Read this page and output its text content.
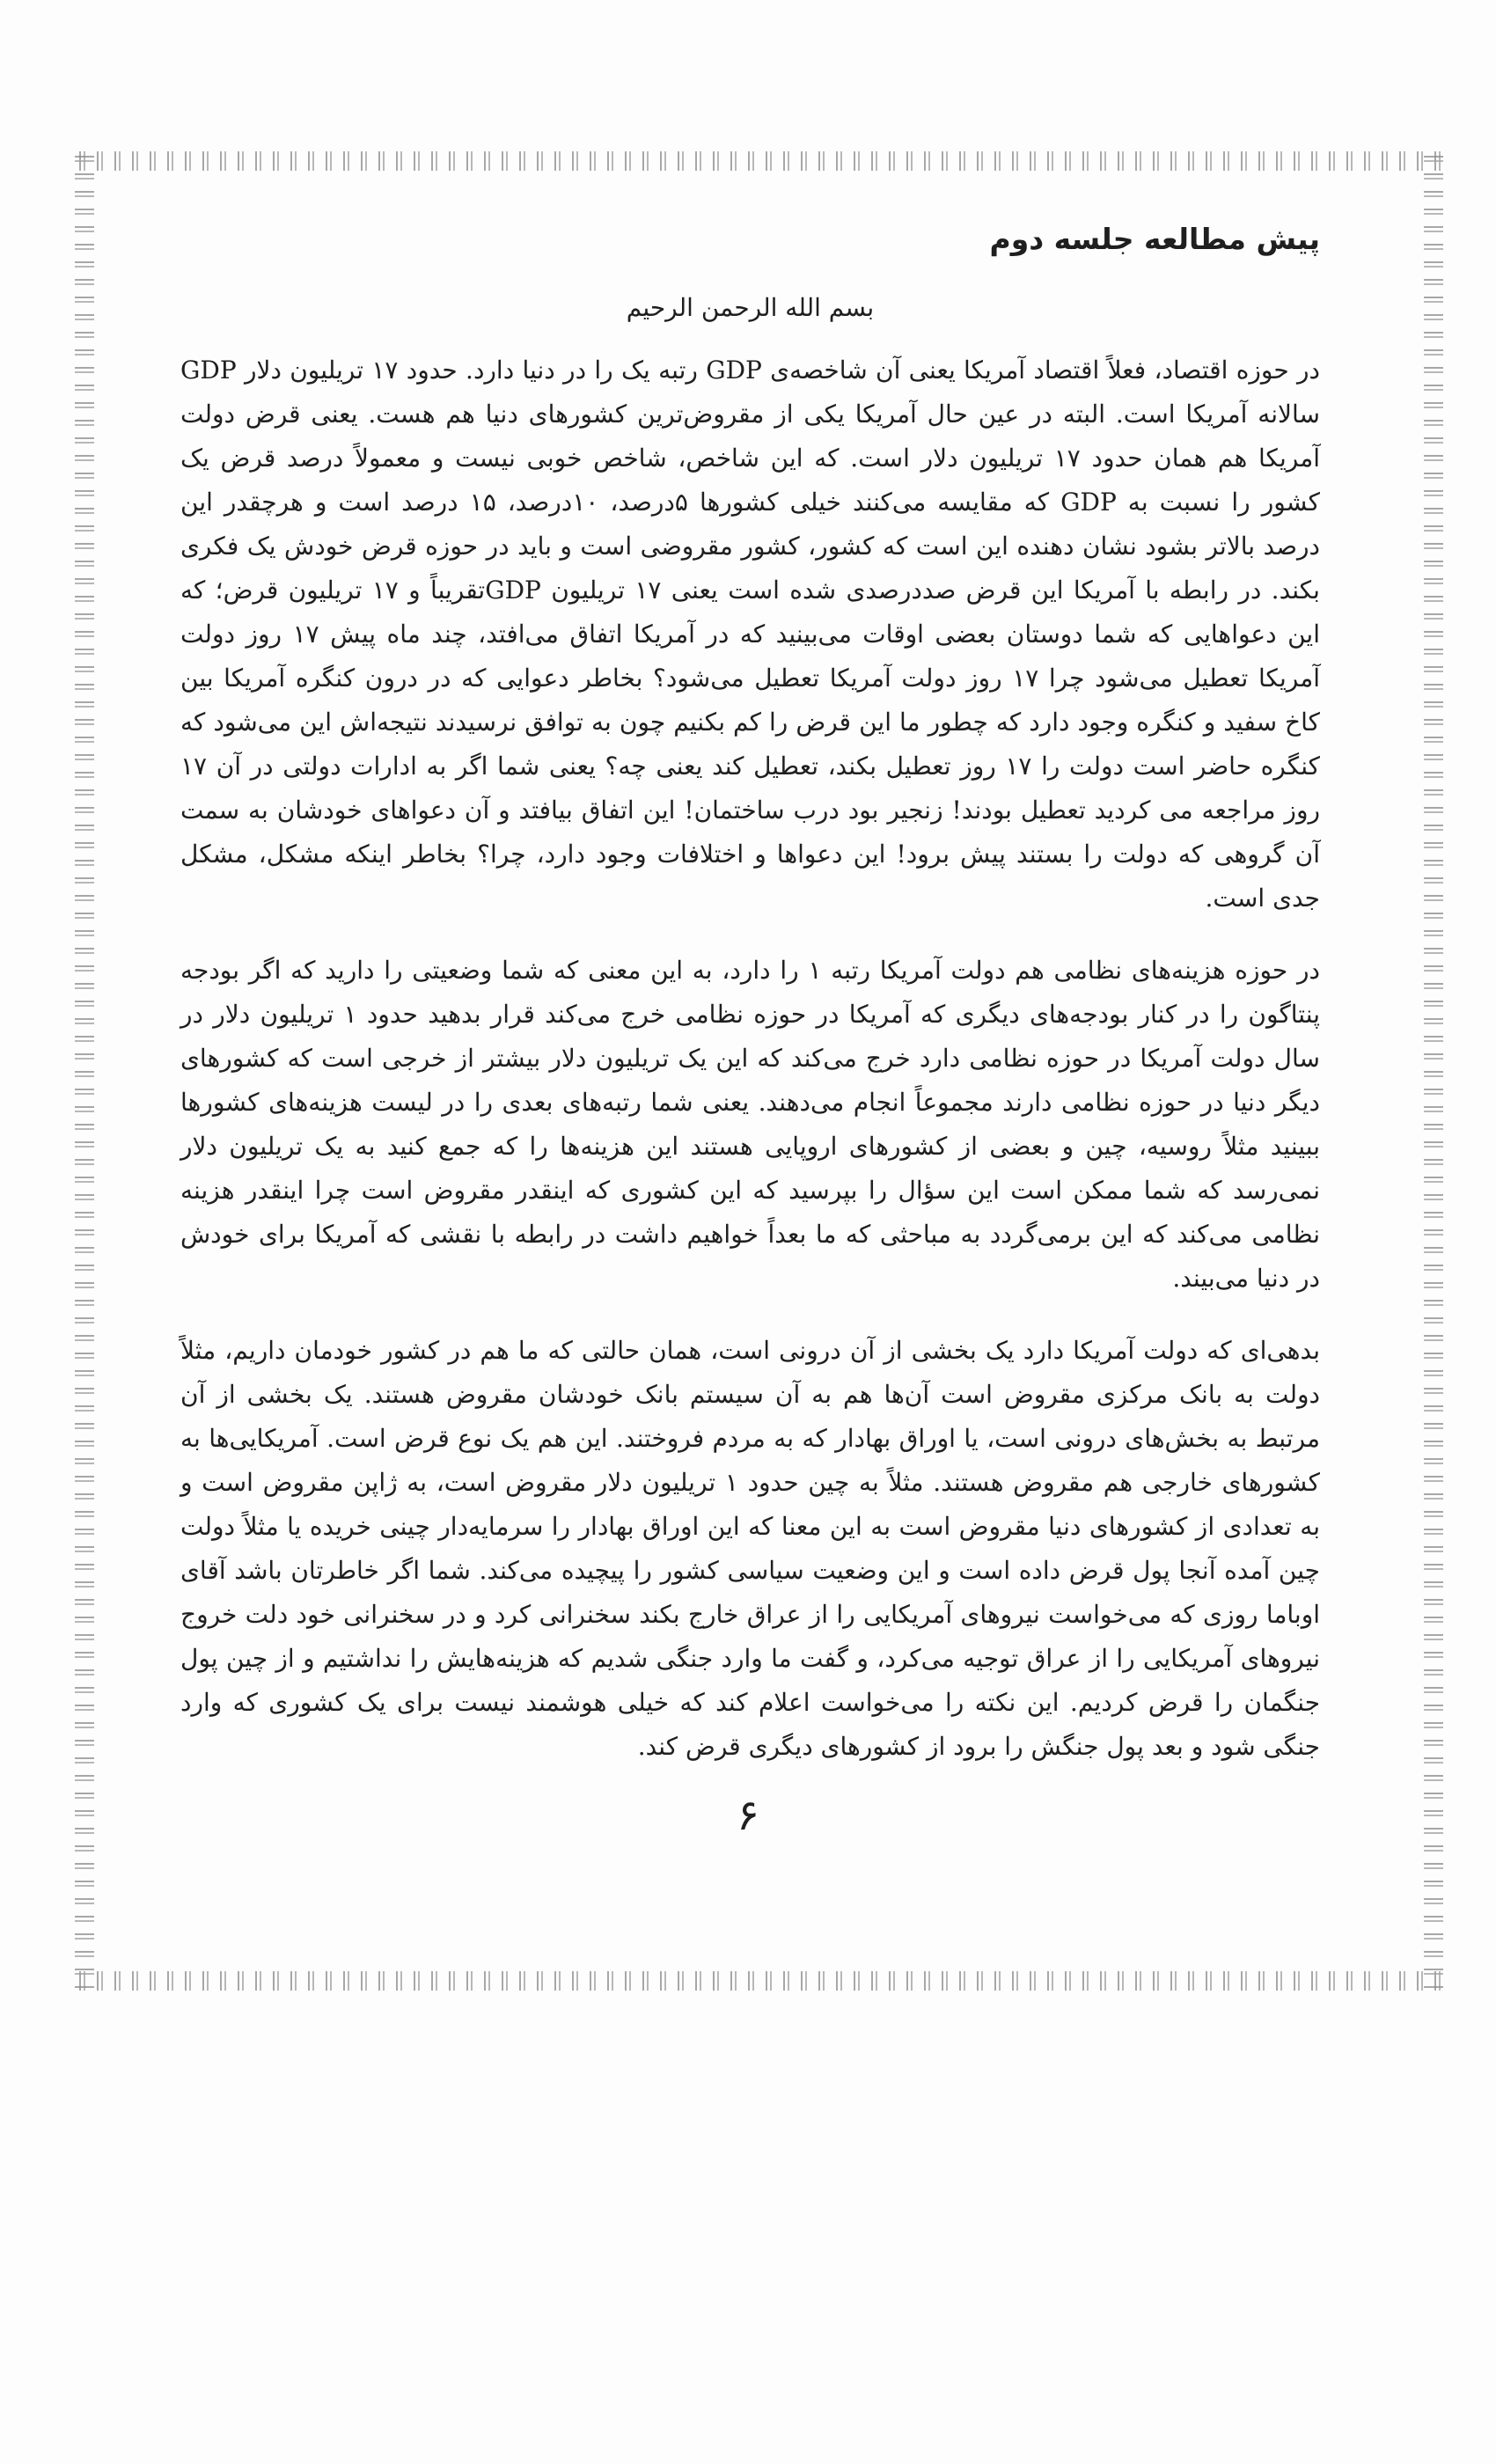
پیش مطالعه جلسه دوم
بسم الله الرحمن الرحیم

در حوزه اقتصاد، فعلاً اقتصاد آمریکا یعنی آن شاخصه‌ی GDP رتبه یک را در دنیا دارد. حدود ۱۷ تریلیون دلار GDP سالانه آمریکا است. البته در عین حال آمریکا یکی از مقروض‌ترین کشورهای دنیا هم هست. یعنی قرض دولت آمریکا هم همان حدود ۱۷ تریلیون دلار است. که این شاخص، شاخص خوبی نیست و معمولاً درصد قرض یک کشور را نسبت به GDP که مقایسه می‌کنند خیلی کشورها ۵درصد، ۱۰درصد، ۱۵ درصد است و هرچقدر این درصد بالاتر بشود نشان دهنده این است که کشور، کشور مقروضی است و باید در حوزه قرض خودش یک فکری بکند. در رابطه با آمریکا این قرض صددرصدی شده است یعنی ۱۷ تریلیون GDPتقریباً و ۱۷ تریلیون قرض؛ که این دعواهایی که شما دوستان بعضی اوقات می‌بینید که در آمریکا اتفاق می‌افتد، چند ماه پیش ۱۷ روز دولت آمریکا تعطیل می‌شود چرا ۱۷ روز دولت آمریکا تعطیل می‌شود؟ بخاطر دعوایی که در درون کنگره آمریکا بین کاخ سفید و کنگره وجود دارد که چطور ما این قرض را کم بکنیم چون به توافق نرسیدند نتیجه‌اش این می‌شود که کنگره حاضر است دولت را ۱۷ روز تعطیل بکند، تعطیل کند یعنی چه؟ یعنی شما اگر به ادارات دولتی در آن ۱۷ روز مراجعه می کردید تعطیل بودند! زنجیر بود درب ساختمان! این اتفاق بیافتد و آن دعواهای خودشان به سمت آن گروهی که دولت را بستند پیش برود! این دعواها و اختلافات وجود دارد، چرا؟ بخاطر اینکه مشکل، مشکل جدی است.

در حوزه هزینه‌های نظامی هم دولت آمریکا رتبه ۱ را دارد، به این معنی که شما وضعیتی را دارید که اگر بودجه پنتاگون را در کنار بودجه‌های دیگری که آمریکا در حوزه نظامی خرج می‌کند قرار بدهید حدود ۱ تریلیون دلار در سال دولت آمریکا در حوزه نظامی دارد خرج می‌کند که این یک تریلیون دلار بیشتر از خرجی است که کشورهای دیگر دنیا در حوزه نظامی دارند مجموعاً انجام می‌دهند. یعنی شما رتبه‌های بعدی را در لیست هزینه‌های کشورها ببینید مثلاً روسیه، چین و بعضی از کشورهای اروپایی هستند این هزینه‌ها را که جمع کنید به یک تریلیون دلار نمی‌رسد که شما ممکن است این سؤال را بپرسید که این کشوری که اینقدر مقروض است چرا اینقدر هزینه نظامی می‌کند که این برمی‌گردد به مباحثی که ما بعداً خواهیم داشت در رابطه با نقشی که آمریکا برای خودش در دنیا می‌بیند.

بدهی‌ای که دولت آمریکا دارد یک بخشی از آن درونی است، همان حالتی که ما هم در کشور خودمان داریم، مثلاً دولت به بانک مرکزی مقروض است آن‌ها هم به آن سیستم بانک خودشان مقروض هستند. یک بخشی از آن مرتبط به بخش‌های درونی است، یا اوراق بهادار که به مردم فروختند. این هم یک نوع قرض است. آمریکایی‌ها به کشورهای خارجی هم مقروض هستند. مثلاً به چین حدود ۱ تریلیون دلار مقروض است، به ژاپن مقروض است و به تعدادی از کشورهای دنیا مقروض است به این معنا که این اوراق بهادار را سرمایه‌دار چینی خریده یا مثلاً دولت چین آمده آنجا پول قرض داده است و این وضعیت سیاسی کشور را پیچیده می‌کند. شما اگر خاطرتان باشد آقای اوباما روزی که می‌خواست نیروهای آمریکایی را از عراق خارج بکند سخنرانی کرد و در سخنرانی خود دلت خروج نیروهای آمریکایی را از عراق توجیه می‌کرد، و گفت ما وارد جنگی شدیم که هزینه‌هایش را نداشتیم و از چین پول جنگمان را قرض کردیم. این نکته را می‌خواست اعلام کند که خیلی هوشمند نیست برای یک کشوری که وارد جنگی شود و بعد پول جنگش را برود از کشورهای دیگری قرض کند.

۶
